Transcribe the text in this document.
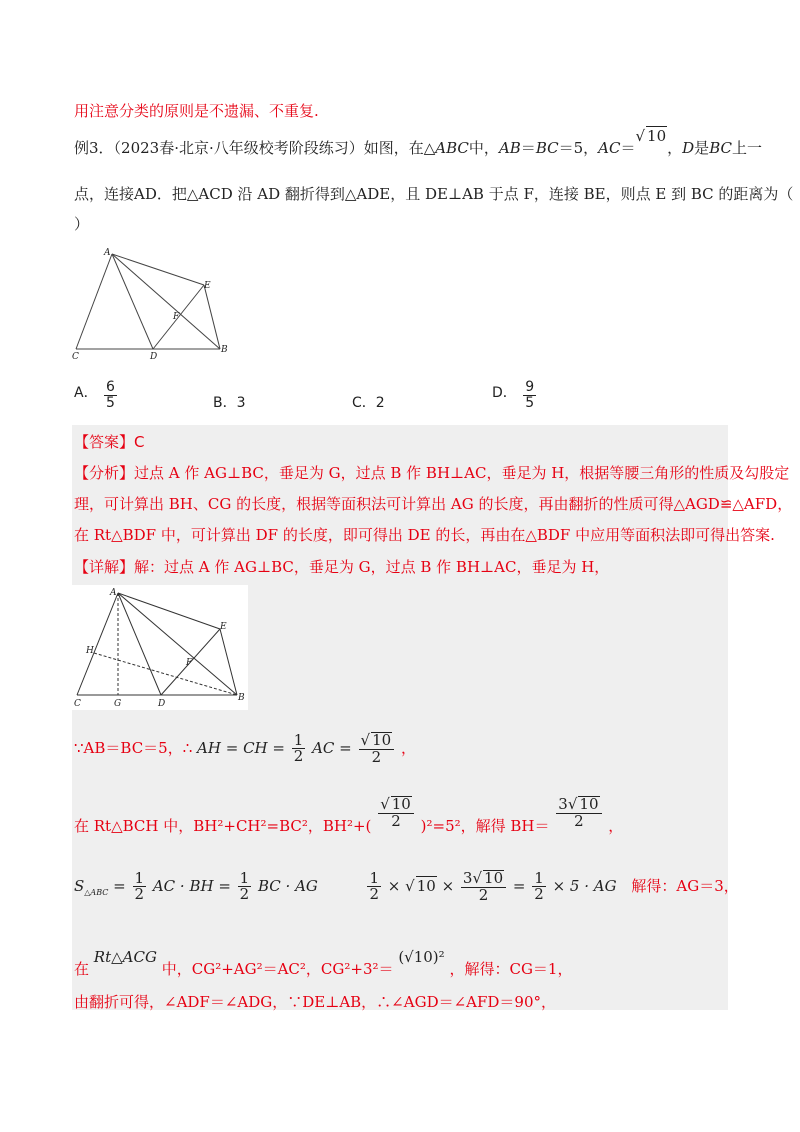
用注意分类的原则是不遗漏、不重复.
例3．（2023春·北京·八年级校考阶段练习）如图，在△ABC中，AB＝BC＝5，AC＝√ 10，D是BC上一
点，连接AD．把△ACD 沿 AD 翻折得到△ADE，且 DE⊥AB 于点 F，连接 BE，则点 E 到 BC 的距离为（
）
A
E
F
C	D
B
A． $\frac{6}{5}$	B．3	C．2
D． $\frac{9}{5}$
【答案】C
【分析】过点 A 作 AG⊥BC，垂足为 G，过点 B 作 BH⊥AC，垂足为 H，根据等腰三角形的性质及勾股定
理，可计算出 BH、CG 的长度，根据等面积法可计算出 AG 的长度，再由翻折的性质可得△AGD≌△AFD，
在 Rt△BDF 中，可计算出 DF 的长度，即可得出 DE 的长，再由在△BDF 中应用等面积法即可得出答案.
【详解】解：过点 A 作 AG⊥BC，垂足为 G，过点 B 作 BH⊥AC，垂足为 H，
A
E
H
F
C	G	D
B
∵AB＝BC＝5，∴ AH = CH = $\frac{1}{2}$ AC = $\frac{√ 10}{2}$ ，
在 Rt△BCH 中，BH²+CH²=BC²，$BH^2+( \frac{√ 10}{2} )^2=5^2$，解得 $BH= \frac{3√ 10}{2}$ ，
$S_{\triangle ABC} = \frac{1}{2}$ AC · BH = $\frac{1}{2}$ BC · AG	$\frac{1}{2}$ × √ $10 \times \frac{3√ 10}{2} = \frac{1}{2} \times 5$ · AG 解得：AG＝3，
在 Rt△ACG 中，CG²+AG²＝AC²，CG²+3²＝ (√10)² ，解得：CG＝1，
由翻折可得，∠ADF＝∠ADG，∵DE⊥AB，∴∠AGD＝∠AFD＝90°，
